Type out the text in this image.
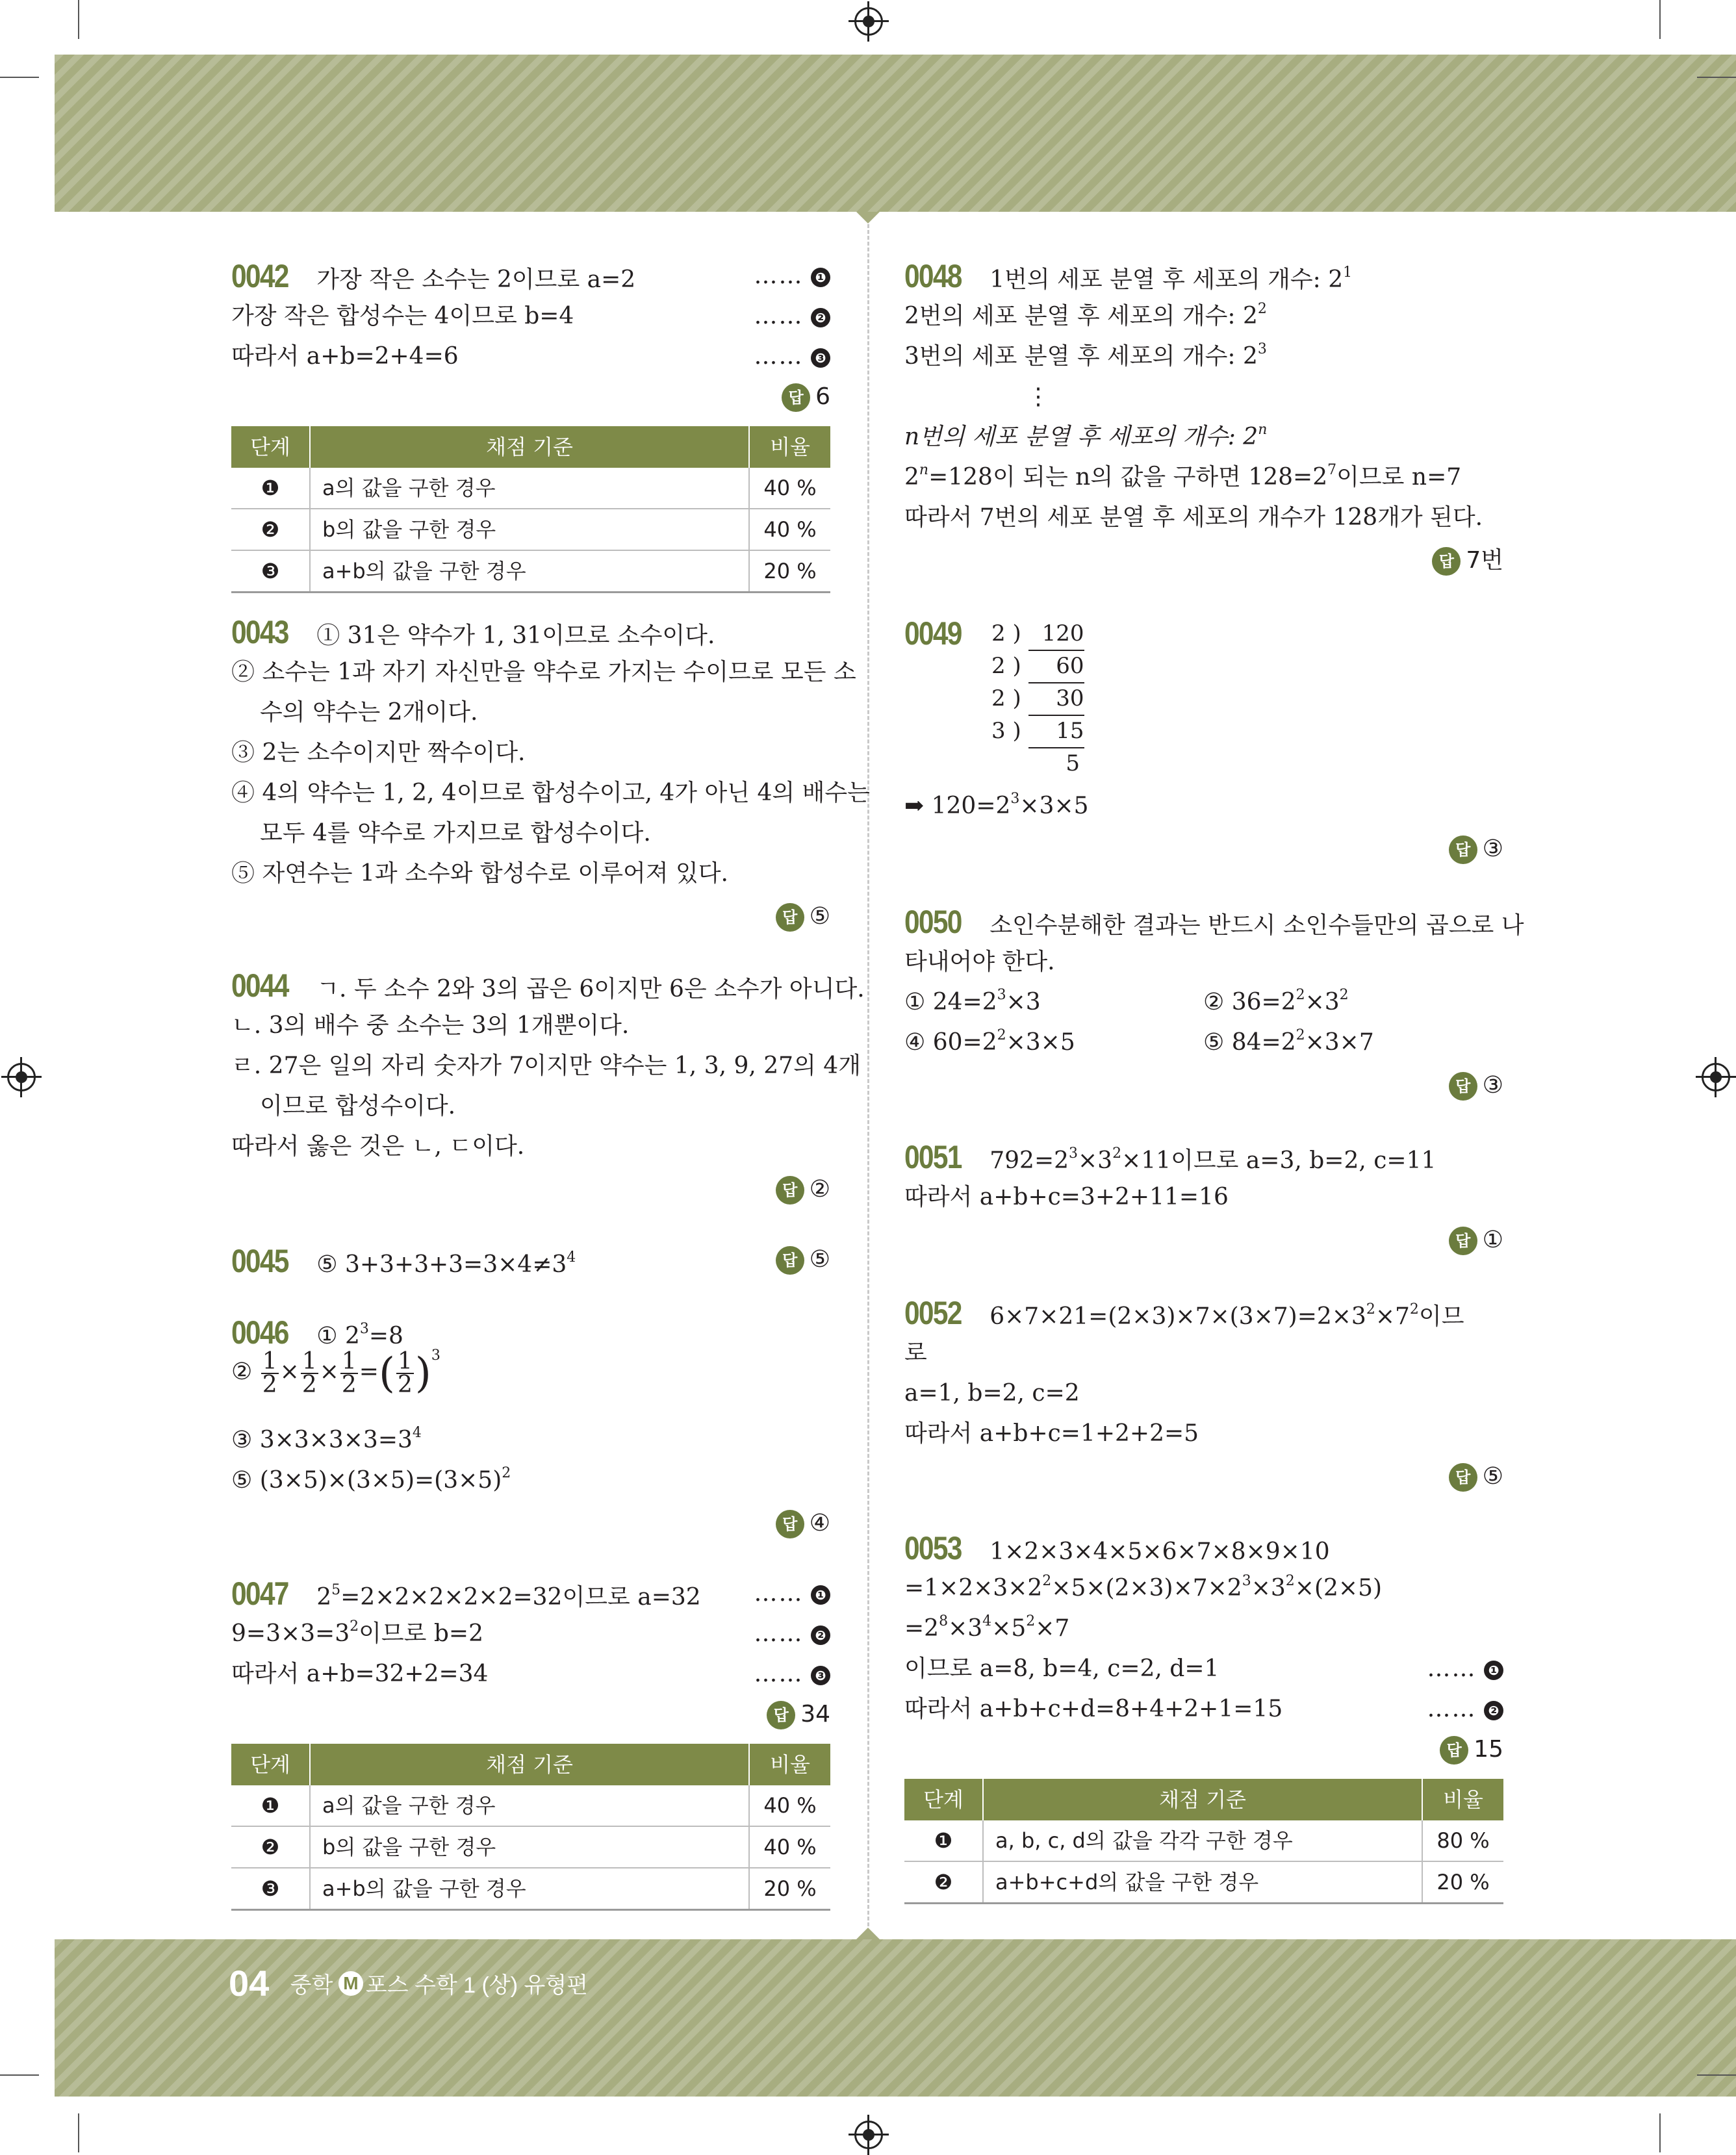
0042 가장 작은 소수는 2이므로 a=2	…… ❶
가장 작은 합성수는 4이므로 b=4	…… ❷
따라서 a+b=2+4=6	…… ❸
답 6
단계	채점 기준	비율
❶	a의 값을 구한 경우	40 %
❷	b의 값을 구한 경우	40 %
❸	a+b의 값을 구한 경우	20 %
0043 ① 31은 약수가 1, 31이므로 소수이다.
② 소수는 1과 자기 자신만을 약수로 가지는 수이므로 모든 소
수의 약수는 2개이다.
③ 2는 소수이지만 짝수이다.
④ 4의 약수는 1, 2, 4이므로 합성수이고, 4가 아닌 4의 배수는
모두 4를 약수로 가지므로 합성수이다.
⑤ 자연수는 1과 소수와 합성수로 이루어져 있다.
답 ⑤
0044 ㄱ. 두 소수 2와 3의 곱은 6이지만 6은 소수가 아니다.
ㄴ. 3의 배수 중 소수는 3의 1개뿐이다.
ㄹ. 27은 일의 자리 숫자가 7이지만 약수는 1, 3, 9, 27의 4개
이므로 합성수이다.
따라서 옳은 것은 ㄴ, ㄷ이다.
답 ②
0045 ⑤ $3+3+3+3=3\times 4\ne 3^4$	답 ⑤
0046 ① $2^3=8$
② $\frac{1}{2} \times \frac{1}{2} \times \frac{1}{2}$ =( $\frac{1}{2} )^3$
③ $3\times 3\times 3\times 3=3^4$
⑤ $(3\times 5)\times(3\times 5)=(3\times 5)^2$
답 ④
0047 $2^5=2\times 2\times 2\times 2\times 2=32$이므로 a=32 …… ❶
$9=3\times 3=3^2$이므로 b=2	…… ❷
따라서 a+b=32+2=34	…… ❸
답 34
단계	채점 기준	비율
❶	a의 값을 구한 경우	40 %
❷	b의 값을 구한 경우	40 %
❸	a+b의 값을 구한 경우	20 %
0048 1번의 세포 분열 후 세포의 개수: $2^1$
2번의 세포 분열 후 세포의 개수: $2^2$
3번의 세포 분열 후 세포의 개수: $2^3$
⋮
n번의 세포 분열 후 세포의 개수: 2$^n$
$2^n=128$이 되는 n의 값을 구하면 $128=2^7$이므로 n=7
따라서 7번의 세포 분열 후 세포의 개수가 128개가 된다.
답 7번
0049	2 ) 120
2 ) 60
2 ) 30
3 ) 15
5
➡ $120=2^3\times 3\times 5$
답 ③
0050 소인수분해한 결과는 반드시 소인수들만의 곱으로 나
타내어야 한다.
① $24=2^3\times 3$	② $36=2^2\times 3^2$
④ $60=2^2\times 3\times 5$	⑤ $84=2^2\times 3\times 7$
답 ③
0051 $792=2^3\times 3^2\times 11$이므로 a=3, b=2, c=11
따라서 a+b+c=3+2+11=16
답 ①
0052 $6\times 7\times 21=(2\times 3)\times 7\times(3\times 7)=2\times 3^2\times 7^2$이므
로
a=1, b=2, c=2
따라서 a+b+c=1+2+2=5
답 ⑤
0053 1×2×3×4×5×6×7×8×9×10
$=1\times 2\times 3\times 2^2\times 5\times(2\times 3)\times 7\times 2^3\times 3^2\times(2\times 5)$
$=2^8\times 3^4\times 5^2\times 7$
이므로 a=8, b=4, c=2, d=1	…… ❶
따라서 a+b+c+d=8+4+2+1=15	…… ❷
답 15
단계	채점 기준	비율
❶	a, b, c, d의 값을 각각 구한 경우	80 %
❷	a+b+c+d의 값을 구한 경우	20 %
04 중학 M 포스 수학 1 (상) 유형편
